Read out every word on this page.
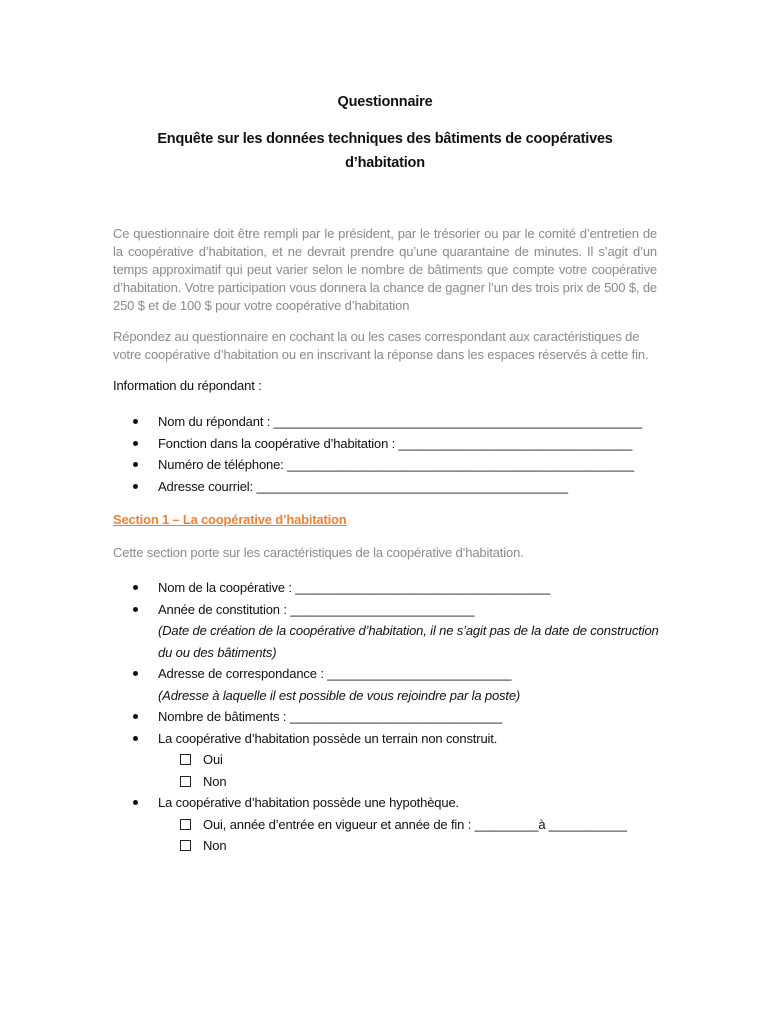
Questionnaire
Enquête sur les données techniques des bâtiments de coopératives
d’habitation
Ce questionnaire doit être rempli par le président, par le trésorier ou par le comité d’entretien de la coopérative d’habitation, et ne devrait prendre qu’une quarantaine de minutes. Il s’agit d’un temps approximatif qui peut varier selon le nombre de bâtiments que compte votre coopérative d’habitation. Votre participation vous donnera la chance de gagner l’un des trois prix de 500 $, de 250 $ et de 100 $ pour votre coopérative d’habitation
Répondez au questionnaire en cochant la ou les cases correspondant aux caractéristiques de votre coopérative d’habitation ou en inscrivant la réponse dans les espaces réservés à cette fin.
Information du répondant :
Nom du répondant : ____________________________________________________
Fonction dans la coopérative d’habitation : _________________________________
Numéro de téléphone: _________________________________________________
Adresse courriel: ____________________________________________
Section 1 – La coopérative d’habitation
Cette section porte sur les caractéristiques de la coopérative d’habitation.
Nom de la coopérative : ____________________________________
Année de constitution : __________________________
(Date de création de la coopérative d’habitation, il ne s’agit pas de la date de construction du ou des bâtiments)
Adresse de correspondance : __________________________
(Adresse à laquelle il est possible de vous rejoindre par la poste)
Nombre de bâtiments : ______________________________
La coopérative d’habitation possède un terrain non construit.
Oui
Non
La coopérative d’habitation possède une hypothèque.
Oui, année d’entrée en vigueur et année de fin : _________à ___________
Non
